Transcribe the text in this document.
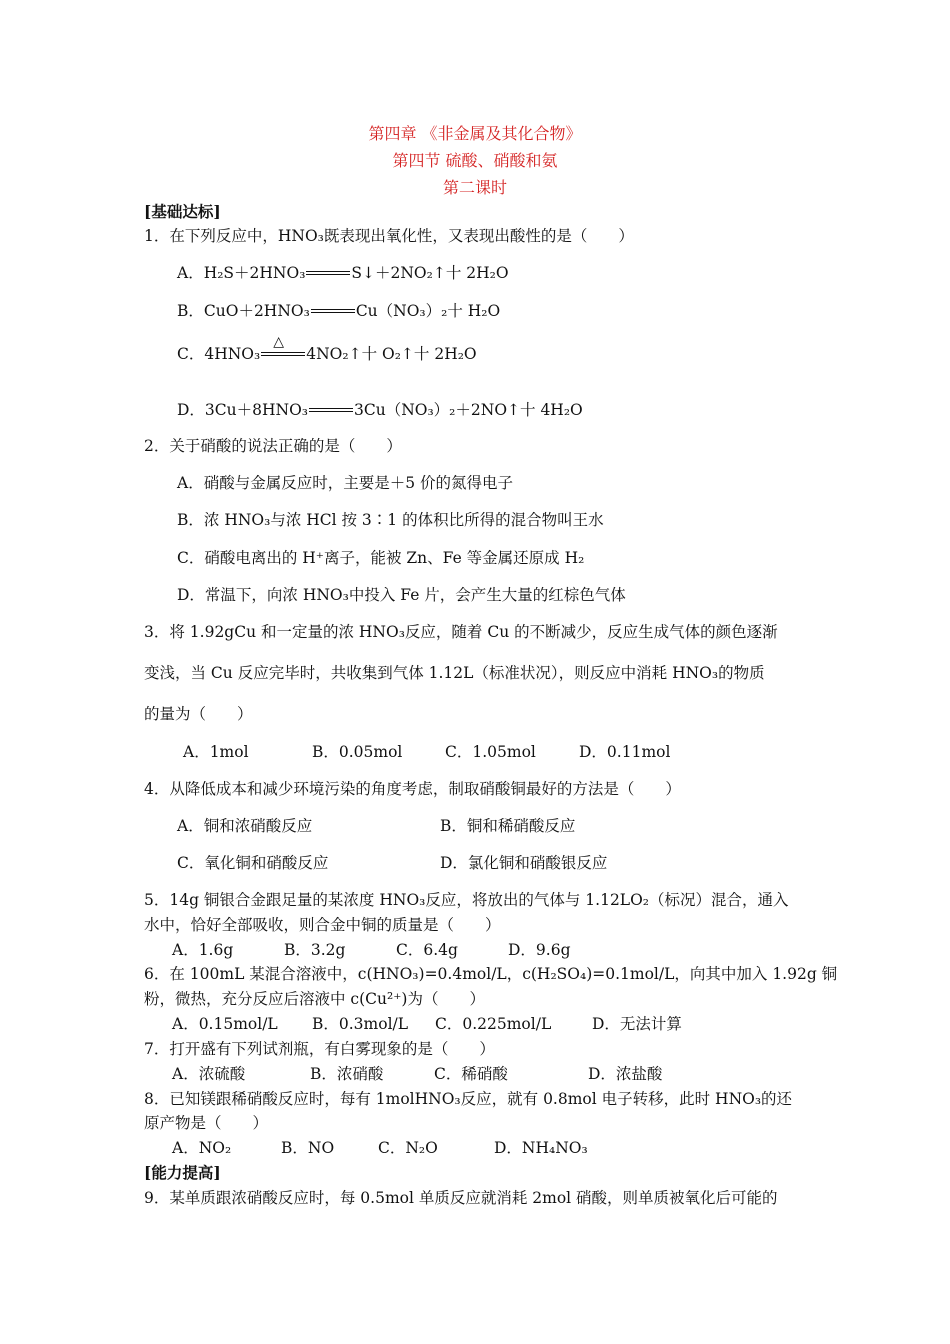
第四章 《非金属及其化合物》
第四节 硫酸、硝酸和氨
第二课时
[基础达标]
1．在下列反应中，HNO₃既表现出氧化性，又表现出酸性的是（　　）
A．H₂S＋2HNO₃	S↓＋2NO₂↑十 2H₂O
B．CuO＋2HNO₃	Cu（NO₃）₂十 H₂O
C．4HNO₃
△
4NO₂↑十 O₂↑十 2H₂O
D．3Cu＋8HNO₃	3Cu（NO₃）₂＋2NO↑十 4H₂O
2．关于硝酸的说法正确的是（　　）
A．硝酸与金属反应时，主要是＋5 价的氮得电子
B．浓 HNO₃与浓 HCl 按 3∶1 的体积比所得的混合物叫王水
C．硝酸电离出的 H⁺离子，能被 Zn、Fe 等金属还原成 H₂
D．常温下，向浓 HNO₃中投入 Fe 片，会产生大量的红棕色气体
3．将 1.92gCu 和一定量的浓 HNO₃反应，随着 Cu 的不断减少，反应生成气体的颜色逐渐
变浅，当 Cu 反应完毕时，共收集到气体 1.12L（标准状况），则反应中消耗 HNO₃的物质
的量为（　　）
A．1mol	B．0.05mol	C．1.05mol	D．0.11mol
4．从降低成本和减少环境污染的角度考虑，制取硝酸铜最好的方法是（　　）
A．铜和浓硝酸反应	B．铜和稀硝酸反应
C．氧化铜和硝酸反应	D．氯化铜和硝酸银反应
5．14g 铜银合金跟足量的某浓度 HNO₃反应，将放出的气体与 1.12LO₂（标况）混合，通入
水中，恰好全部吸收，则合金中铜的质量是（　　）
A．1.6g	B．3.2g	C．6.4g	D．9.6g
6．在 100mL 某混合溶液中，c(HNO₃)=0.4mol/L，c(H₂SO₄)=0.1mol/L，向其中加入 1.92g 铜
粉，微热，充分反应后溶液中 c(Cu²⁺)为（　　）
A．0.15mol/L B．0.3mol/L C．0.225mol/L	D．无法计算
7．打开盛有下列试剂瓶，有白雾现象的是（　　）
A．浓硫酸	B．浓硝酸	C．稀硝酸	D．浓盐酸
8．已知镁跟稀硝酸反应时，每有 1molHNO₃反应，就有 0.8mol 电子转移，此时 HNO₃的还
原产物是（　　）
A．NO₂	B．NO	C．N₂O	D．NH₄NO₃
[能力提高]
9．某单质跟浓硝酸反应时，每 0.5mol 单质反应就消耗 2mol 硝酸，则单质被氧化后可能的
